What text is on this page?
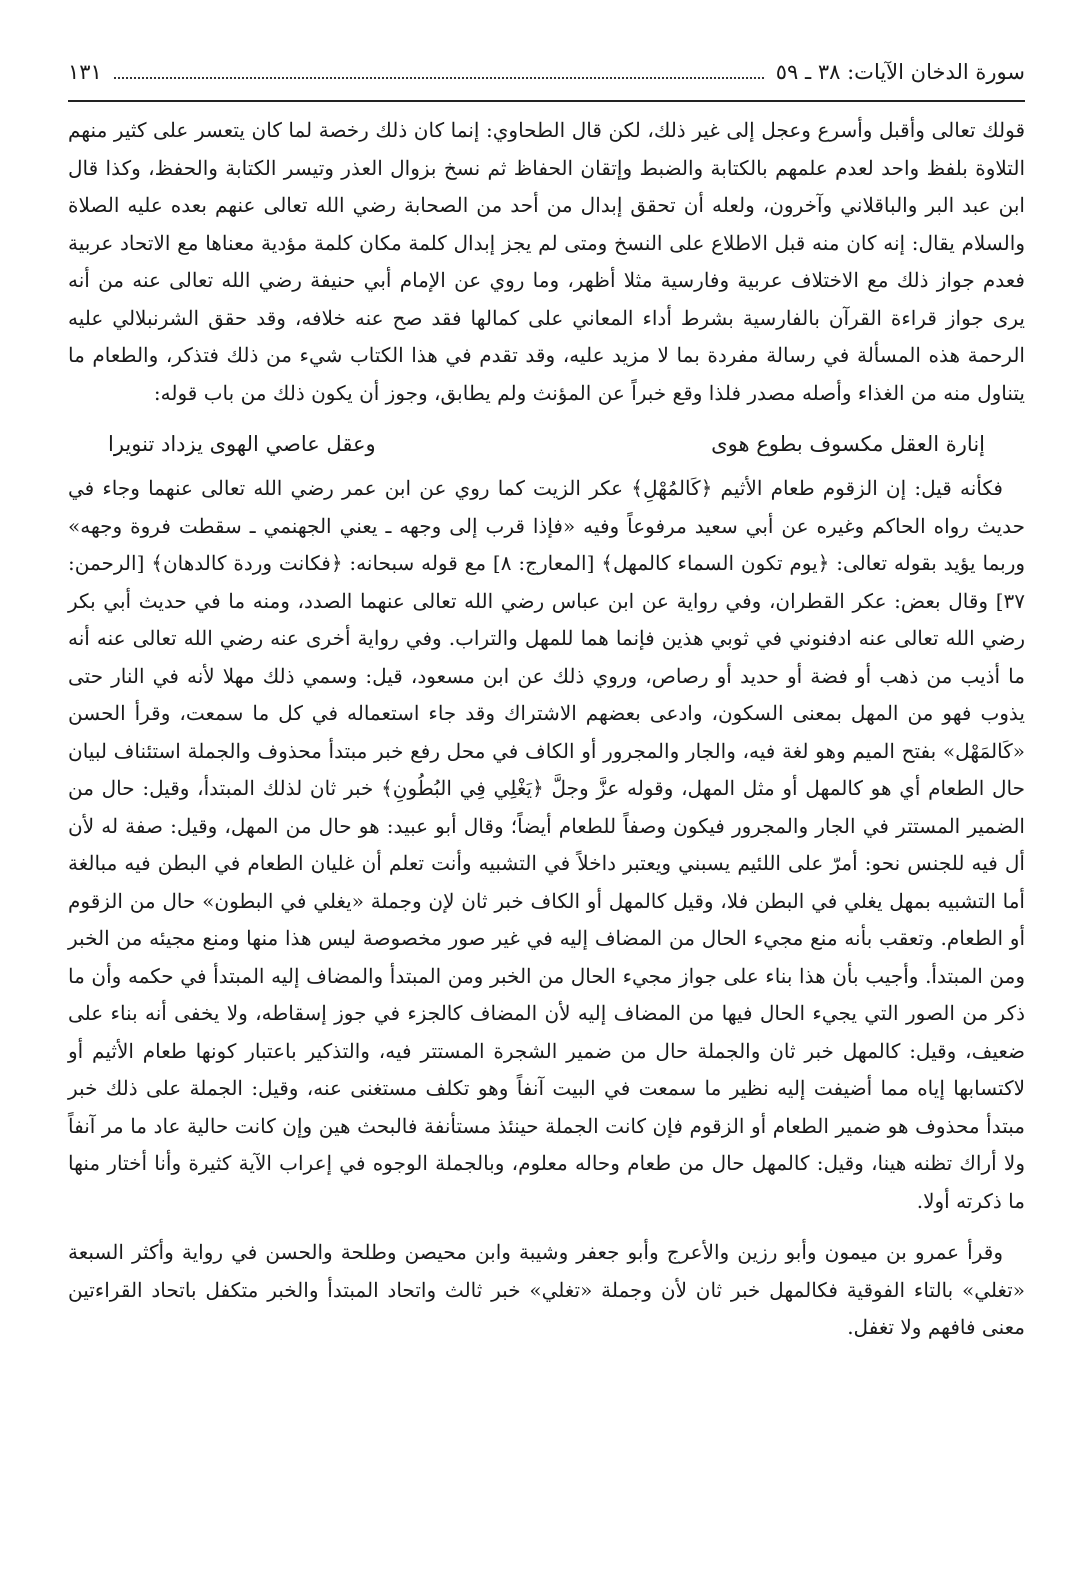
سورة الدخان الآيات: ٣٨ ـ ٥٩
١٣١

قولك تعالى وأقبل وأسرع وعجل إلى غير ذلك، لكن قال الطحاوي: إنما كان ذلك رخصة لما كان يتعسر على كثير منهم التلاوة بلفظ واحد لعدم علمهم بالكتابة والضبط وإتقان الحفاظ ثم نسخ بزوال العذر وتيسر الكتابة والحفظ، وكذا قال ابن عبد البر والباقلاني وآخرون، ولعله أن تحقق إبدال من أحد من الصحابة رضي الله تعالى عنهم بعده عليه الصلاة والسلام يقال: إنه كان منه قبل الاطلاع على النسخ ومتى لم يجز إبدال كلمة مكان كلمة مؤدية معناها مع الاتحاد عربية فعدم جواز ذلك مع الاختلاف عربية وفارسية مثلا أظهر، وما روي عن الإمام أبي حنيفة رضي الله تعالى عنه من أنه يرى جواز قراءة القرآن بالفارسية بشرط أداء المعاني على كمالها فقد صح عنه خلافه، وقد حقق الشرنبلالي عليه الرحمة هذه المسألة في رسالة مفردة بما لا مزيد عليه، وقد تقدم في هذا الكتاب شيء من ذلك فتذكر، والطعام ما يتناول منه من الغذاء وأصله مصدر فلذا وقع خبراً عن المؤنث ولم يطابق، وجوز أن يكون ذلك من باب قوله:

إنارة العقل مكسوف بطوع هوى
وعقل عاصي الهوى يزداد تنويرا

فكأنه قيل: إن الزقوم طعام الأثيم ﴿كَالمُهْلِ﴾ عكر الزيت كما روي عن ابن عمر رضي الله تعالى عنهما وجاء في حديث رواه الحاكم وغيره عن أبي سعيد مرفوعاً وفيه «فإذا قرب إلى وجهه ـ يعني الجهنمي ـ سقطت فروة وجهه» وربما يؤيد بقوله تعالى: ﴿يوم تكون السماء كالمهل﴾ [المعارج: ٨] مع قوله سبحانه: ﴿فكانت وردة كالدهان﴾ [الرحمن: ٣٧] وقال بعض: عكر القطران، وفي رواية عن ابن عباس رضي الله تعالى عنهما الصدد، ومنه ما في حديث أبي بكر رضي الله تعالى عنه ادفنوني في ثوبي هذين فإنما هما للمهل والتراب. وفي رواية أخرى عنه رضي الله تعالى عنه أنه ما أذيب من ذهب أو فضة أو حديد أو رصاص، وروي ذلك عن ابن مسعود، قيل: وسمي ذلك مهلا لأنه في النار حتى يذوب فهو من المهل بمعنى السكون، وادعى بعضهم الاشتراك وقد جاء استعماله في كل ما سمعت، وقرأ الحسن «كَالمَهْل» بفتح الميم وهو لغة فيه، والجار والمجرور أو الكاف في محل رفع خبر مبتدأ محذوف والجملة استئناف لبيان حال الطعام أي هو كالمهل أو مثل المهل، وقوله عزَّ وجلَّ ﴿يَغْلِي فِي البُطُونِ﴾ خبر ثان لذلك المبتدأ، وقيل: حال من الضمير المستتر في الجار والمجرور فيكون وصفاً للطعام أيضاً؛ وقال أبو عبيد: هو حال من المهل، وقيل: صفة له لأن أل فيه للجنس نحو: أمرّ على اللئيم يسبني ويعتبر داخلاً في التشبيه وأنت تعلم أن غليان الطعام في البطن فيه مبالغة أما التشبيه بمهل يغلي في البطن فلا، وقيل كالمهل أو الكاف خبر ثان لإن وجملة «يغلي في البطون» حال من الزقوم أو الطعام. وتعقب بأنه منع مجيء الحال من المضاف إليه في غير صور مخصوصة ليس هذا منها ومنع مجيئه من الخبر ومن المبتدأ. وأجيب بأن هذا بناء على جواز مجيء الحال من الخبر ومن المبتدأ والمضاف إليه المبتدأ في حكمه وأن ما ذكر من الصور التي يجيء الحال فيها من المضاف إليه لأن المضاف كالجزء في جوز إسقاطه، ولا يخفى أنه بناء على ضعيف، وقيل: كالمهل خبر ثان والجملة حال من ضمير الشجرة المستتر فيه، والتذكير باعتبار كونها طعام الأثيم أو لاكتسابها إياه مما أضيفت إليه نظير ما سمعت في البيت آنفاً وهو تكلف مستغنى عنه، وقيل: الجملة على ذلك خبر مبتدأ محذوف هو ضمير الطعام أو الزقوم فإن كانت الجملة حينئذ مستأنفة فالبحث هين وإن كانت حالية عاد ما مر آنفاً ولا أراك تظنه هينا، وقيل: كالمهل حال من طعام وحاله معلوم، وبالجملة الوجوه في إعراب الآية كثيرة وأنا أختار منها ما ذكرته أولا.

وقرأ عمرو بن ميمون وأبو رزين والأعرج وأبو جعفر وشيبة وابن محيصن وطلحة والحسن في رواية وأكثر السبعة «تغلي» بالتاء الفوقية فكالمهل خبر ثان لأن وجملة «تغلي» خبر ثالث واتحاد المبتدأ والخبر متكفل باتحاد القراءتين معنى فافهم ولا تغفل.
